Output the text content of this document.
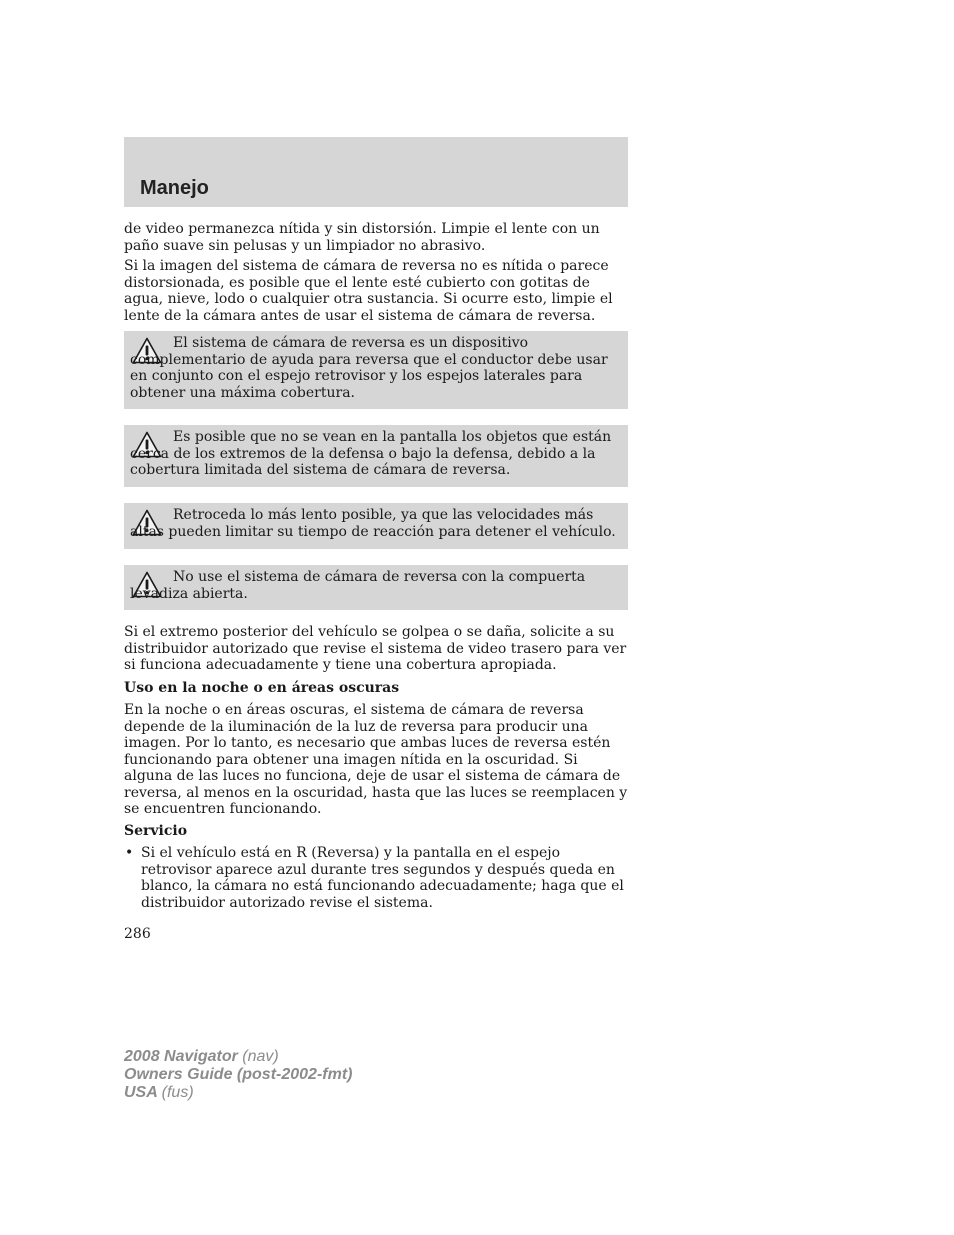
Manejo

de video permanezca nítida y sin distorsión. Limpie el lente con un paño suave sin pelusas y un limpiador no abrasivo.

Si la imagen del sistema de cámara de reversa no es nítida o parece distorsionada, es posible que el lente esté cubierto con gotitas de agua, nieve, lodo o cualquier otra sustancia. Si ocurre esto, limpie el lente de la cámara antes de usar el sistema de cámara de reversa.

El sistema de cámara de reversa es un dispositivo complementario de ayuda para reversa que el conductor debe usar en conjunto con el espejo retrovisor y los espejos laterales para obtener una máxima cobertura.

Es posible que no se vean en la pantalla los objetos que están cerca de los extremos de la defensa o bajo la defensa, debido a la cobertura limitada del sistema de cámara de reversa.

Retroceda lo más lento posible, ya que las velocidades más altas pueden limitar su tiempo de reacción para detener el vehículo.

No use el sistema de cámara de reversa con la compuerta levadiza abierta.

Si el extremo posterior del vehículo se golpea o se daña, solicite a su distribuidor autorizado que revise el sistema de video trasero para ver si funciona adecuadamente y tiene una cobertura apropiada.

Uso en la noche o en áreas oscuras

En la noche o en áreas oscuras, el sistema de cámara de reversa depende de la iluminación de la luz de reversa para producir una imagen. Por lo tanto, es necesario que ambas luces de reversa estén funcionando para obtener una imagen nítida en la oscuridad. Si alguna de las luces no funciona, deje de usar el sistema de cámara de reversa, al menos en la oscuridad, hasta que las luces se reemplacen y se encuentren funcionando.

Servicio

• Si el vehículo está en R (Reversa) y la pantalla en el espejo retrovisor aparece azul durante tres segundos y después queda en blanco, la cámara no está funcionando adecuadamente; haga que el distribuidor autorizado revise el sistema.
286
2008 Navigator (nav)
Owners Guide (post-2002-fmt)
USA (fus)
